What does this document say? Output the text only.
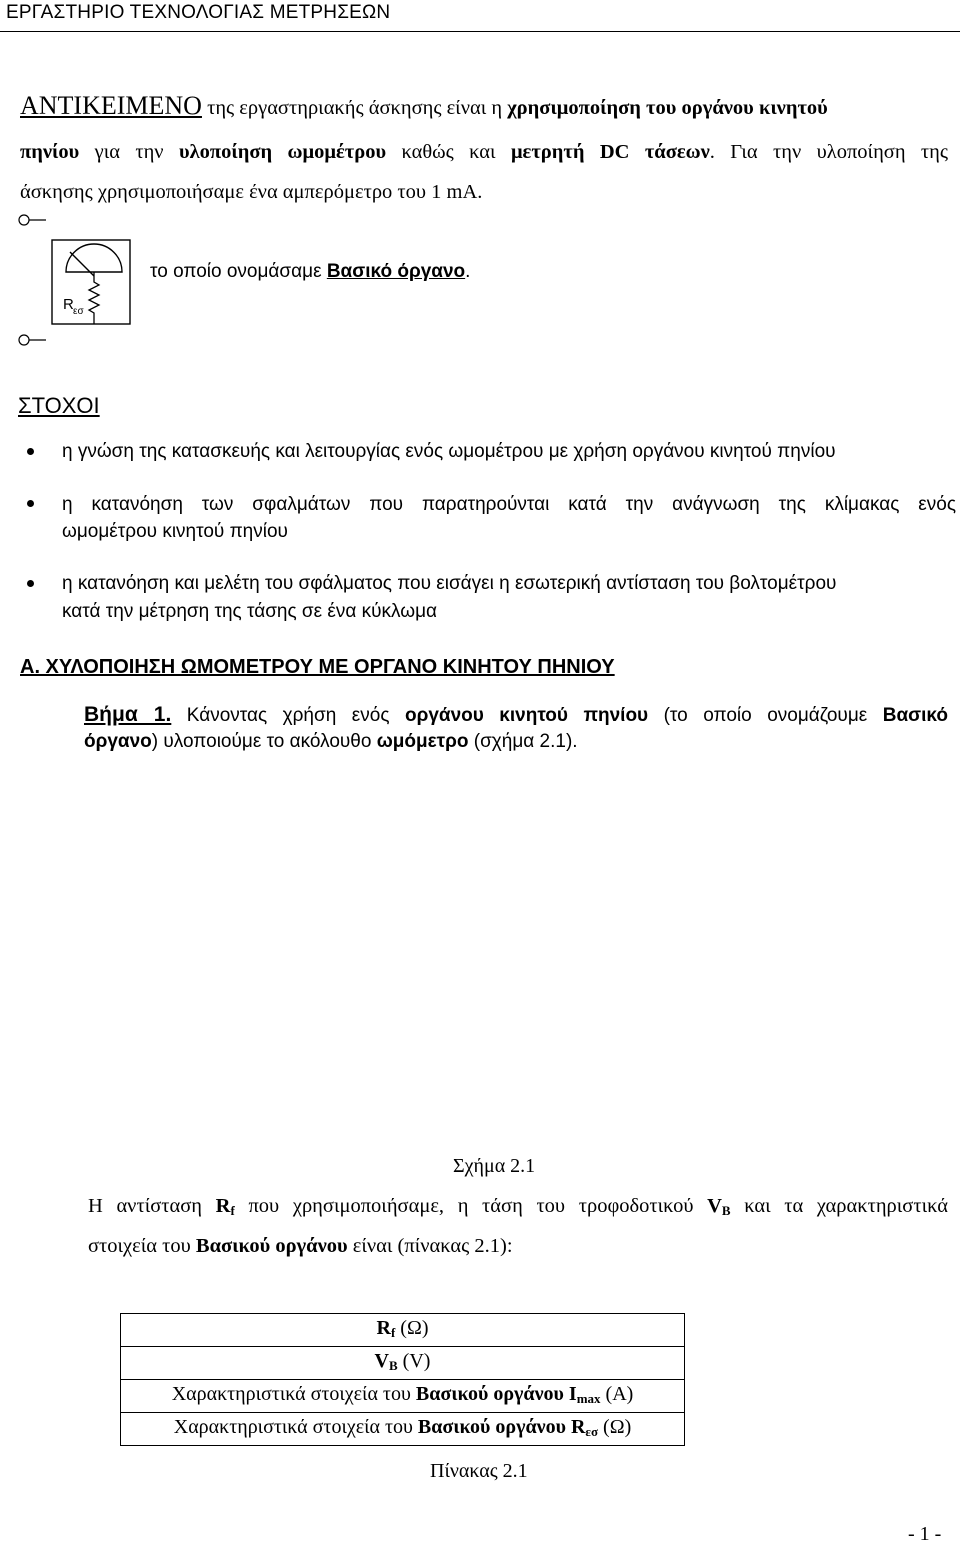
ΕΡΓΑΣΤΗΡΙΟ ΤΕΧΝΟΛΟΓΙΑΣ ΜΕΤΡΗΣΕΩΝ
ΑΝΤΙΚΕΙΜΕΝΟ της εργαστηριακής άσκησης είναι η χρησιμοποίηση του οργάνου κινητού
πηνίου για την υλοποίηση ωμομέτρου καθώς και μετρητή DC τάσεων. Για την υλοποίηση της
άσκησης χρησιμοποιήσαμε ένα αμπερόμετρο του 1 mA.
R εσ
το οποίο ονομάσαμε Βασικό όργανο.
ΣΤΟΧΟΙ
η γνώση της κατασκευής και λειτουργίας ενός ωμομέτρου με χρήση οργάνου κινητού πηνίου
η κατανόηση των σφαλμάτων που παρατηρούνται κατά την ανάγνωση της κλίμακας ενός
ωμομέτρου κινητού πηνίου
η κατανόηση και μελέτη του σφάλματος που εισάγει η εσωτερική αντίσταση του βολτομέτρου
κατά την μέτρηση της τάσης σε ένα κύκλωμα
Α. ΧΥΛΟΠΟΙΗΣΗ ΩΜΟΜΕΤΡΟΥ ΜΕ ΟΡΓΑΝΟ ΚΙΝΗΤΟΥ ΠΗΝΙΟΥ
Βήμα 1. Κάνοντας χρήση ενός οργάνου κινητού πηνίου (το οποίο ονομάζουμε Βασικό
όργανο) υλοποιούμε το ακόλουθο ωμόμετρο (σχήμα 2.1).
Σχήμα 2.1
Η αντίσταση $R_f$ που χρησιμοποιήσαμε, η τάση του τροφοδοτικού $V_B$ και τα χαρακτηριστικά
στοιχεία του Βασικού οργάνου είναι (πίνακας 2.1):
$R_f$ (Ω)
$V_B$ (V)
Χαρακτηριστικά στοιχεία του Βασικού οργάνου $I_{max}$ (A)
Χαρακτηριστικά στοιχεία του Βασικού οργάνου $R_{\varepsilon\sigma}$ (Ω)
Πίνακας 2.1
- 1 -
